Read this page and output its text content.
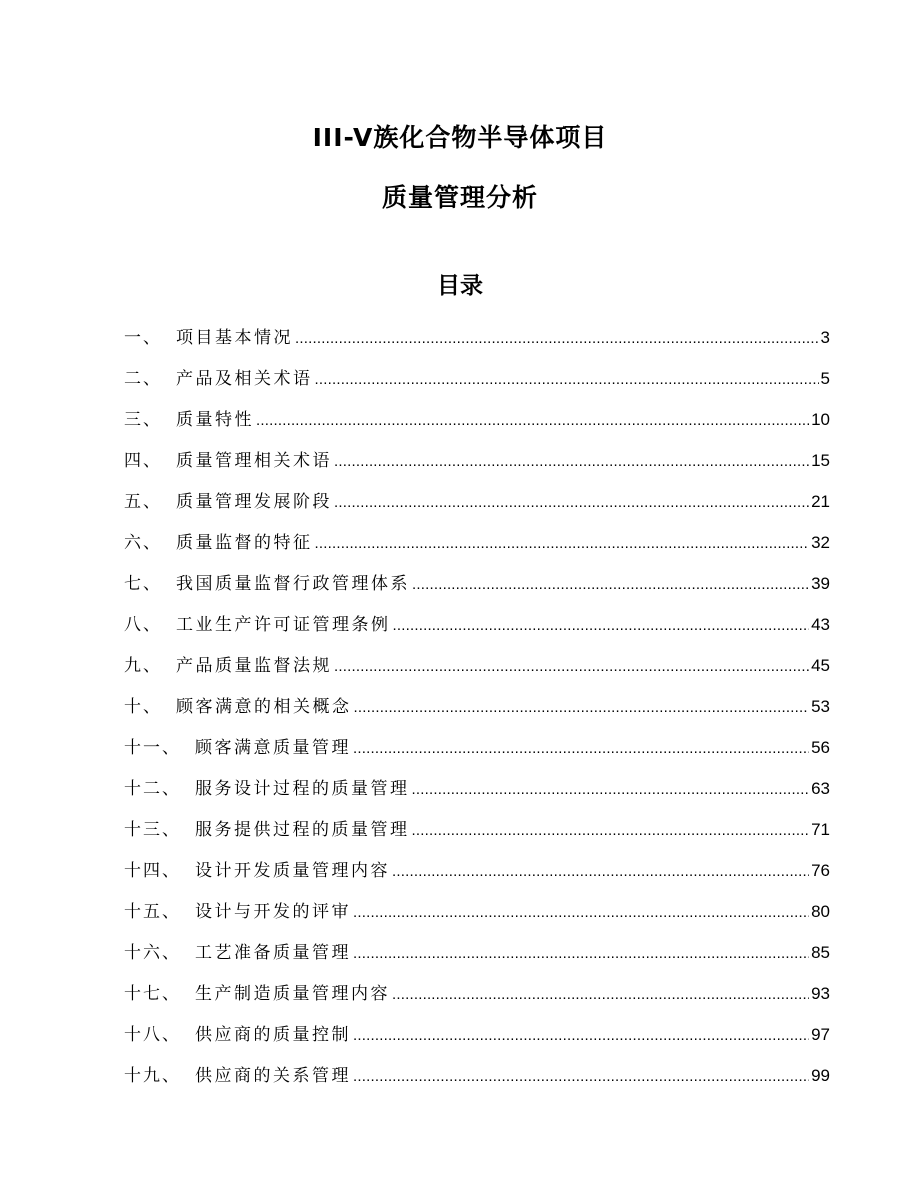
III-V族化合物半导体项目
质量管理分析
目录
一、 项目基本情况 .....	3
二、 产品及相关术语 .....	5
三、 质量特性 .....	10
四、 质量管理相关术语 .....	15
五、 质量管理发展阶段 .....	21
六、 质量监督的特征 .....	32
七、 我国质量监督行政管理体系 .....	39
八、 工业生产许可证管理条例 .....	43
九、 产品质量监督法规 .....	45
十、 顾客满意的相关概念 .....	53
十一、 顾客满意质量管理 .....	56
十二、 服务设计过程的质量管理 .....	63
十三、 服务提供过程的质量管理 .....	71
十四、 设计开发质量管理内容 .....	76
十五、 设计与开发的评审 .....	80
十六、 工艺准备质量管理 .....	85
十七、 生产制造质量管理内容 .....	93
十八、 供应商的质量控制 .....	97
十九、 供应商的关系管理 .....	99
